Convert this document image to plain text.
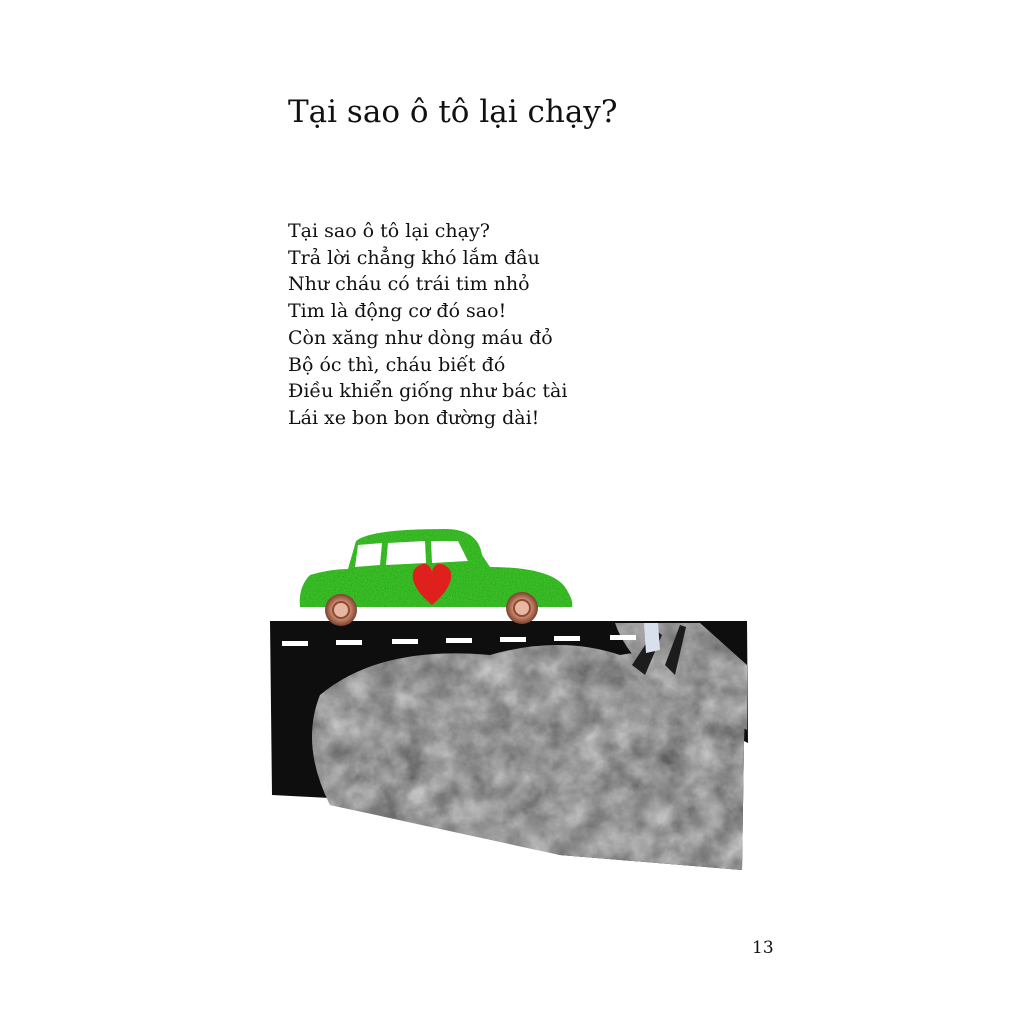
Tại sao ô tô lại chạy?
Tại sao ô tô lại chạy?
Trả lời chẳng khó lắm đâu
Như cháu có trái tim nhỏ
Tim là động cơ đó sao!
Còn xăng như dòng máu đỏ
Bộ óc thì, cháu biết đó
Điều khiển giống như bác tài
Lái xe bon bon đường dài!
13
